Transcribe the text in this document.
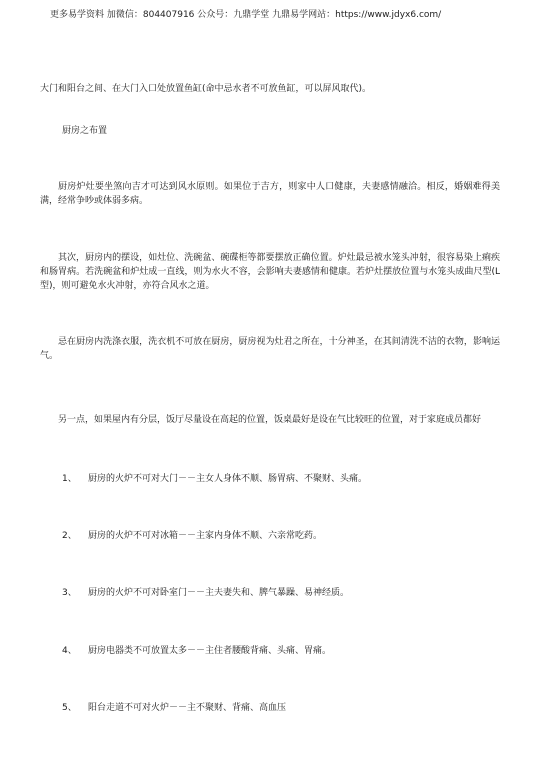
更多易学资料 加微信：804407916 公众号：九鼎学堂 九鼎易学网站：https://www.jdyx6.com/
大门和阳台之间、在大门入口处放置鱼缸(命中忌水者不可放鱼缸，可以屏风取代)。
厨房之布置
厨房炉灶要坐煞向吉才可达到风水原则。如果位于吉方，则家中人口健康，夫妻感情融洽。相反，婚姻难得美满，经常争吵或体弱多病。
其次，厨房内的摆设，如灶位、洗碗盆、碗碟柜等都要摆放正确位置。炉灶最忌被水笼头冲射，很容易染上痢疾和肠胃病。若洗碗盆和炉灶成一直线，则为水火不容，会影响夫妻感情和健康。若炉灶摆放位置与水笼头成曲尺型(L型)，则可避免水火冲射，亦符合风水之道。
忌在厨房内洗涤衣服，洗衣机不可放在厨房，厨房视为灶君之所在，十分神圣，在其间清洗不洁的衣物，影响运气。
另一点，如果屋内有分层，饭厅尽量设在高起的位置，饭桌最好是设在气比较旺的位置，对于家庭成员都好
1、 厨房的火炉不可对大门－－主女人身体不顺、肠胃病、不聚财、头痛。
2、 厨房的火炉不可对冰箱－－主家内身体不顺、六亲常吃药。
3、 厨房的火炉不可对卧室门－－主夫妻失和、脾气暴躁、易神经质。
4、 厨房电器类不可放置太多－－主住者腰酸背痛、头痛、胃痛。
5、 阳台走道不可对火炉－－主不聚财、背痛、高血压
